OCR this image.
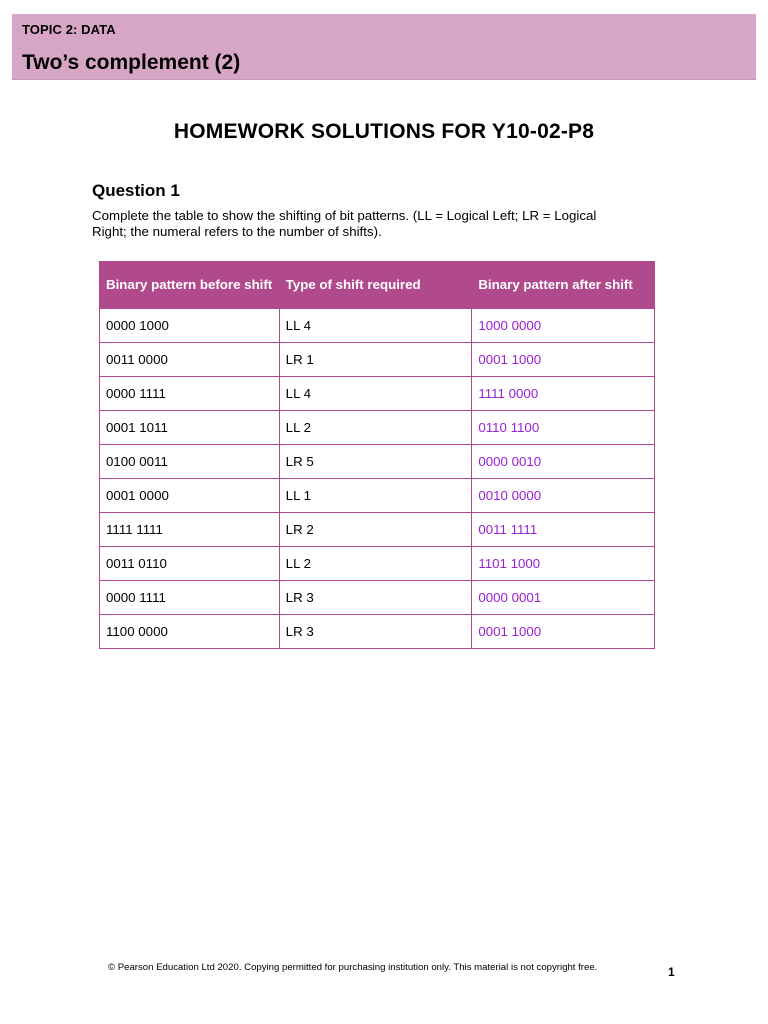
TOPIC 2: DATA
Two’s complement (2)
HOMEWORK SOLUTIONS FOR Y10-02-P8
Question 1
Complete the table to show the shifting of bit patterns. (LL = Logical Left; LR = Logical Right; the numeral refers to the number of shifts).
Binary pattern before shift	Type of shift required	Binary pattern after shift
0000 1000	LL 4	1000 0000
0011 0000	LR 1	0001 1000
0000 1111	LL 4	1111 0000
0001 1011	LL 2	0110 1100
0100 0011	LR 5	0000 0010
0001 0000	LL 1	0010 0000
1111 1111	LR 2	0011 1111
0011 0110	LL 2	1101 1000
0000 1111	LR 3	0000 0001
1100 0000	LR 3	0001 1000
© Pearson Education Ltd 2020. Copying permitted for purchasing institution only. This material is not copyright free.	1
